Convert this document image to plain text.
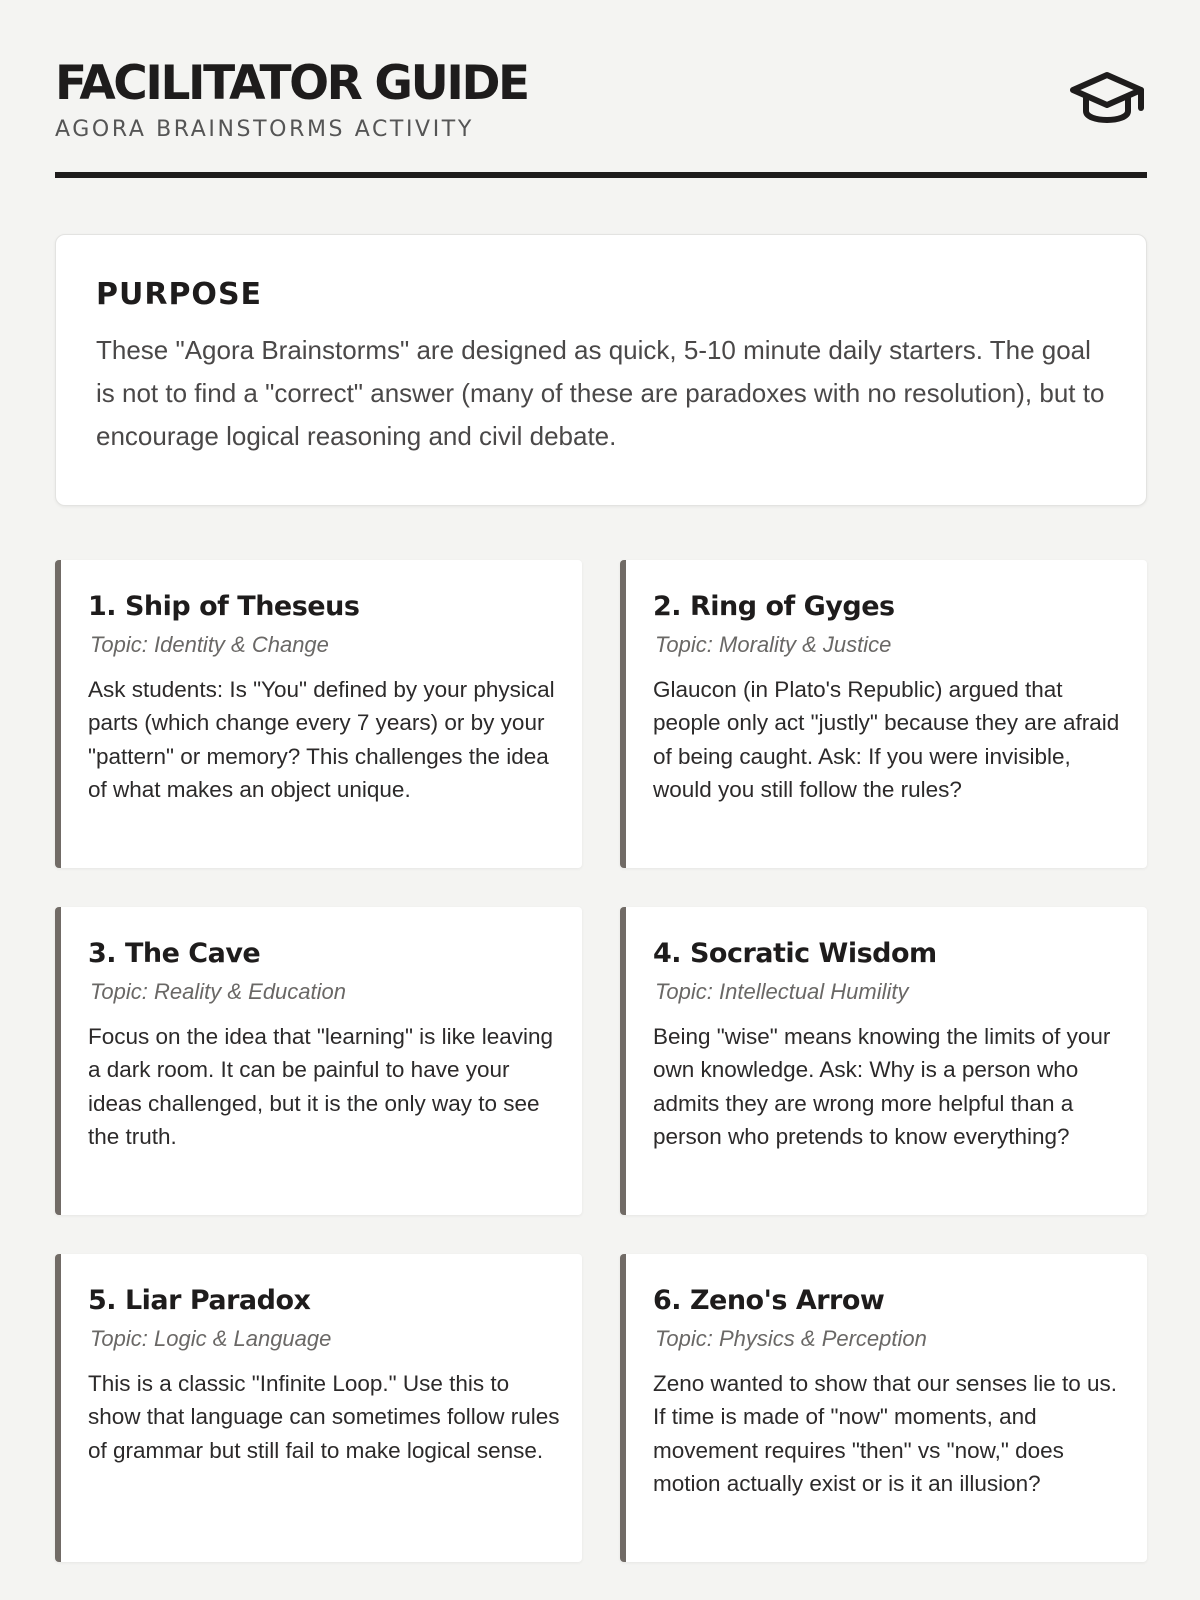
FACILITATOR GUIDE
AGORA BRAINSTORMS ACTIVITY
PURPOSE

These "Agora Brainstorms" are designed as quick, 5-10 minute daily starters. The goal is not to find a "correct" answer (many of these are paradoxes with no resolution), but to encourage logical reasoning and civil debate.

1. Ship of Theseus
Topic: Identity & Change

Ask students: Is "You" defined by your physical parts (which change every 7 years) or by your "pattern" or memory? This challenges the idea of what makes an object unique.

2. Ring of Gyges
Topic: Morality & Justice

Glaucon (in Plato's Republic) argued that people only act "justly" because they are afraid of being caught. Ask: If you were invisible, would you still follow the rules?

3. The Cave
Topic: Reality & Education

Focus on the idea that "learning" is like leaving a dark room. It can be painful to have your ideas challenged, but it is the only way to see the truth.

4. Socratic Wisdom
Topic: Intellectual Humility

Being "wise" means knowing the limits of your own knowledge. Ask: Why is a person who admits they are wrong more helpful than a person who pretends to know everything?

5. Liar Paradox
Topic: Logic & Language

This is a classic "Infinite Loop." Use this to show that language can sometimes follow rules of grammar but still fail to make logical sense.

6. Zeno's Arrow
Topic: Physics & Perception

Zeno wanted to show that our senses lie to us. If time is made of "now" moments, and movement requires "then" vs "now," does motion actually exist or is it an illusion?
